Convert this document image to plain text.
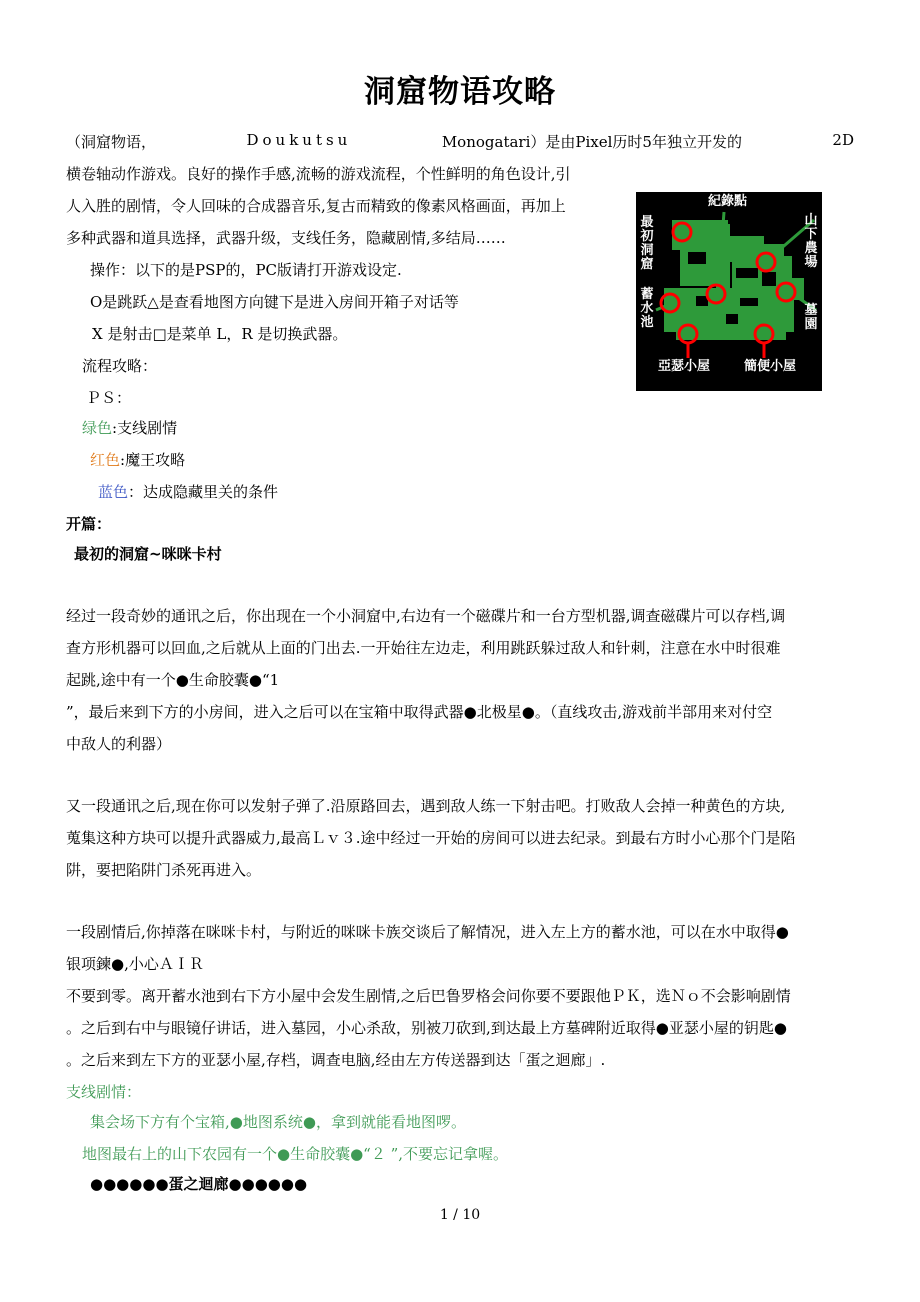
洞窟物语攻略
（洞窟物语，	Doukutsu	Monogatari）是由Pixel历时5年独立开发的	2D
横卷轴动作游戏。良好的操作手感,流畅的游戏流程，个性鲜明的角色设计,引
人入胜的剧情，令人回味的合成器音乐,复古而精致的像素风格画面，再加上
多种武器和道具选择，武器升级，支线任务，隐藏剧情,多结局……
操作：以下的是PSP的，PC版请打开游戏设定.
O是跳跃△是查看地图方向键下是进入房间开箱子对话等
X 是射击□是菜单 L，R 是切换武器。
流程攻略：
ＰＳ：
绿色:支线剧情
红色:魔王攻略
蓝色：达成隐藏里关的条件
紀錄點
最初洞窟
山下農場
蓄水池
墓園
亞瑟小屋	簡便小屋
开篇：
最初的洞窟~咪咪卡村
经过一段奇妙的通讯之后，你出现在一个小洞窟中,右边有一个磁碟片和一台方型机器,调查磁碟片可以存档,调
查方形机器可以回血,之后就从上面的门出去.一开始往左边走，利用跳跃躲过敌人和针刺，注意在水中时很难
起跳,途中有一个●生命胶囊●“1
”，最后来到下方的小房间，进入之后可以在宝箱中取得武器●北极星●。（直线攻击,游戏前半部用来对付空
中敌人的利器）
又一段通讯之后,现在你可以发射子弹了.沿原路回去，遇到敌人练一下射击吧。打败敌人会掉一种黄色的方块,
蒐集这种方块可以提升武器威力,最高Ｌｖ３.途中经过一开始的房间可以进去纪录。到最右方时小心那个门是陷
阱，要把陷阱门杀死再进入。
一段剧情后,你掉落在咪咪卡村，与附近的咪咪卡族交谈后了解情况，进入左上方的蓄水池，可以在水中取得●
银项鍊●,小心ＡＩＲ
不要到零。离开蓄水池到右下方小屋中会发生剧情,之后巴鲁罗格会问你要不要跟他ＰＫ，选Ｎｏ不会影响剧情
。之后到右中与眼镜仔讲话，进入墓园，小心杀敌，别被刀砍到,到达最上方墓碑附近取得●亚瑟小屋的钥匙●
。之后来到左下方的亚瑟小屋,存档，调查电脑,经由左方传送器到达「蛋之迴廊」.
支线剧情：
集会场下方有个宝箱,●地图系统●，拿到就能看地图啰。
地图最右上的山下农园有一个●生命胶囊●“２ ”,不要忘记拿喔。
●●●●●●蛋之迴廊●●●●●●
1 / 10
